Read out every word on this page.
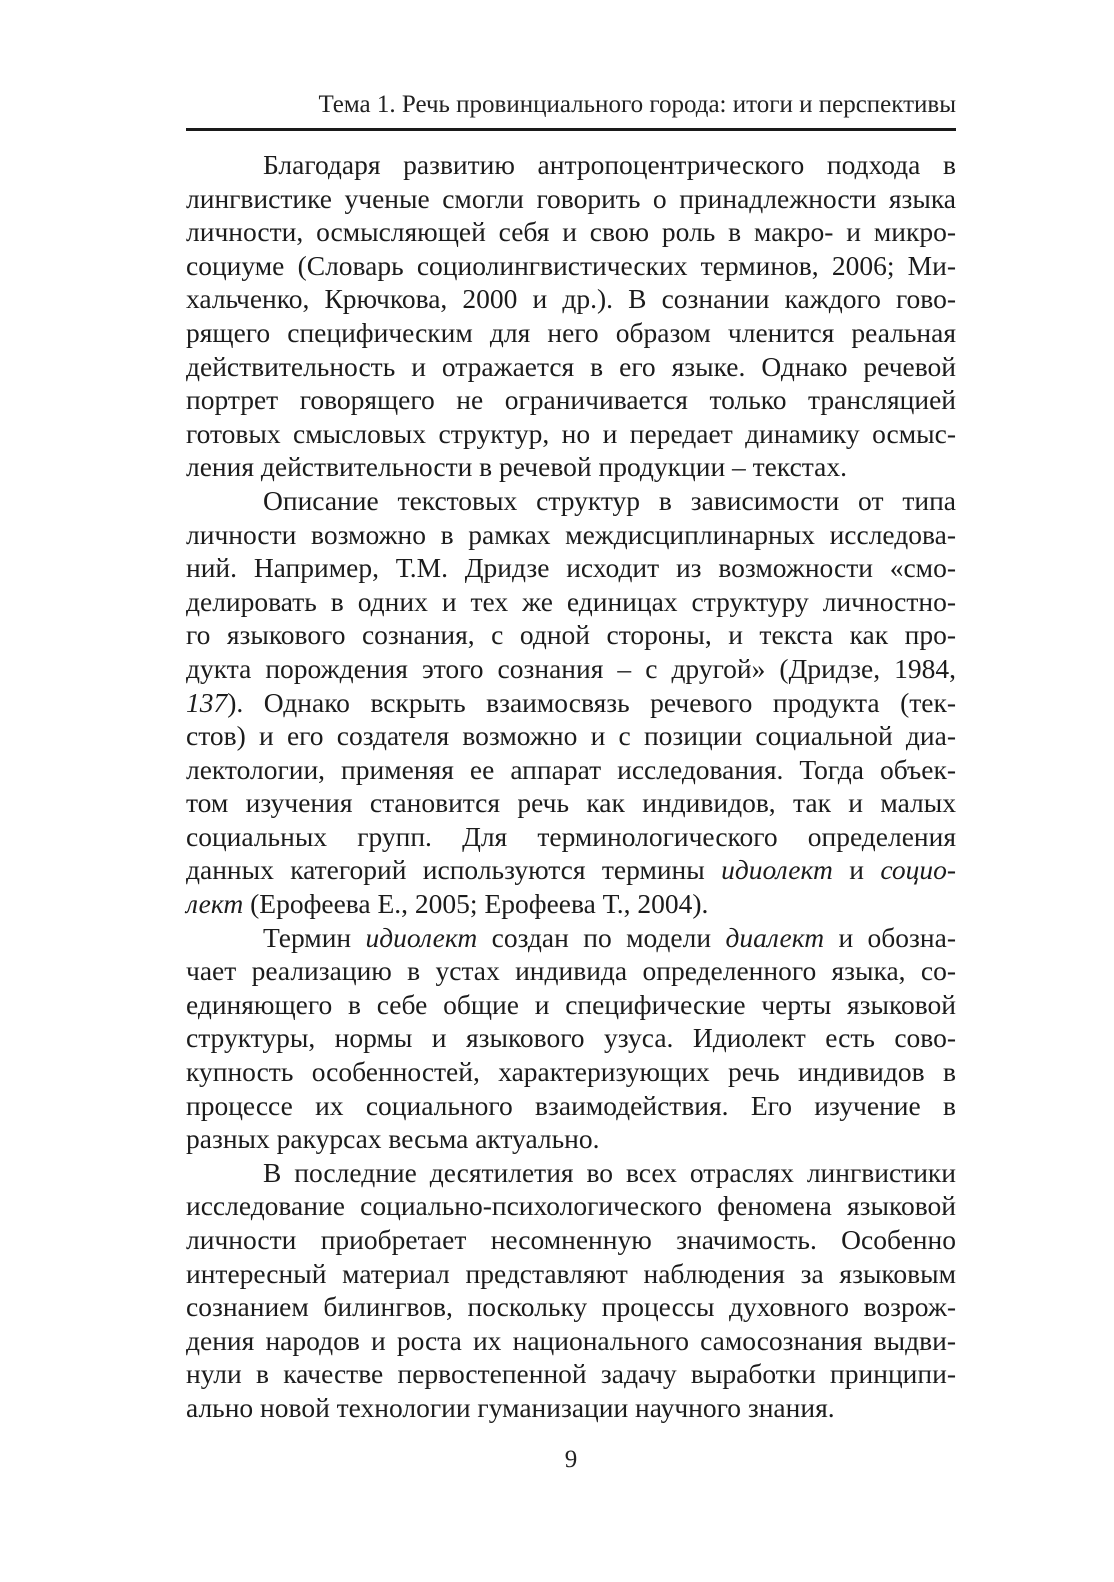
Тема 1. Речь провинциального города: итоги и перспективы
Благодаря развитию антропоцентрического подхода в
лингвистике ученые смогли говорить о принадлежности языка
личности, осмысляющей себя и свою роль в макро- и микро-
социуме (Словарь социолингвистических терминов, 2006; Ми-
хальченко, Крючкова, 2000 и др.). В сознании каждого гово-
рящего специфическим для него образом членится реальная
действительность и отражается в его языке. Однако речевой
портрет говорящего не ограничивается только трансляцией
готовых смысловых структур, но и передает динамику осмыс-
ления действительности в речевой продукции – текстах.
Описание текстовых структур в зависимости от типа
личности возможно в рамках междисциплинарных исследова-
ний. Например, Т.М. Дридзе исходит из возможности «смо-
делировать в одних и тех же единицах структуру личностно-
го языкового сознания, с одной стороны, и текста как про-
дукта порождения этого сознания – с другой» (Дридзе, 1984,
137). Однако вскрыть взаимосвязь речевого продукта (тек-
стов) и его создателя возможно и с позиции социальной диа-
лектологии, применяя ее аппарат исследования. Тогда объек-
том изучения становится речь как индивидов, так и малых
социальных групп. Для терминологического определения
данных категорий используются термины идиолект и социо-
лект (Ерофеева Е., 2005; Ерофеева Т., 2004).
Термин идиолект создан по модели диалект и обозна-
чает реализацию в устах индивида определенного языка, со-
единяющего в себе общие и специфические черты языковой
структуры, нормы и языкового узуса. Идиолект есть сово-
купность особенностей, характеризующих речь индивидов в
процессе их социального взаимодействия. Его изучение в
разных ракурсах весьма актуально.
В последние десятилетия во всех отраслях лингвистики
исследование социально-психологического феномена языковой
личности приобретает несомненную значимость. Особенно
интересный материал представляют наблюдения за языковым
сознанием билингвов, поскольку процессы духовного возрож-
дения народов и роста их национального самосознания выдви-
нули в качестве первостепенной задачу выработки принципи-
ально новой технологии гуманизации научного знания.
9
